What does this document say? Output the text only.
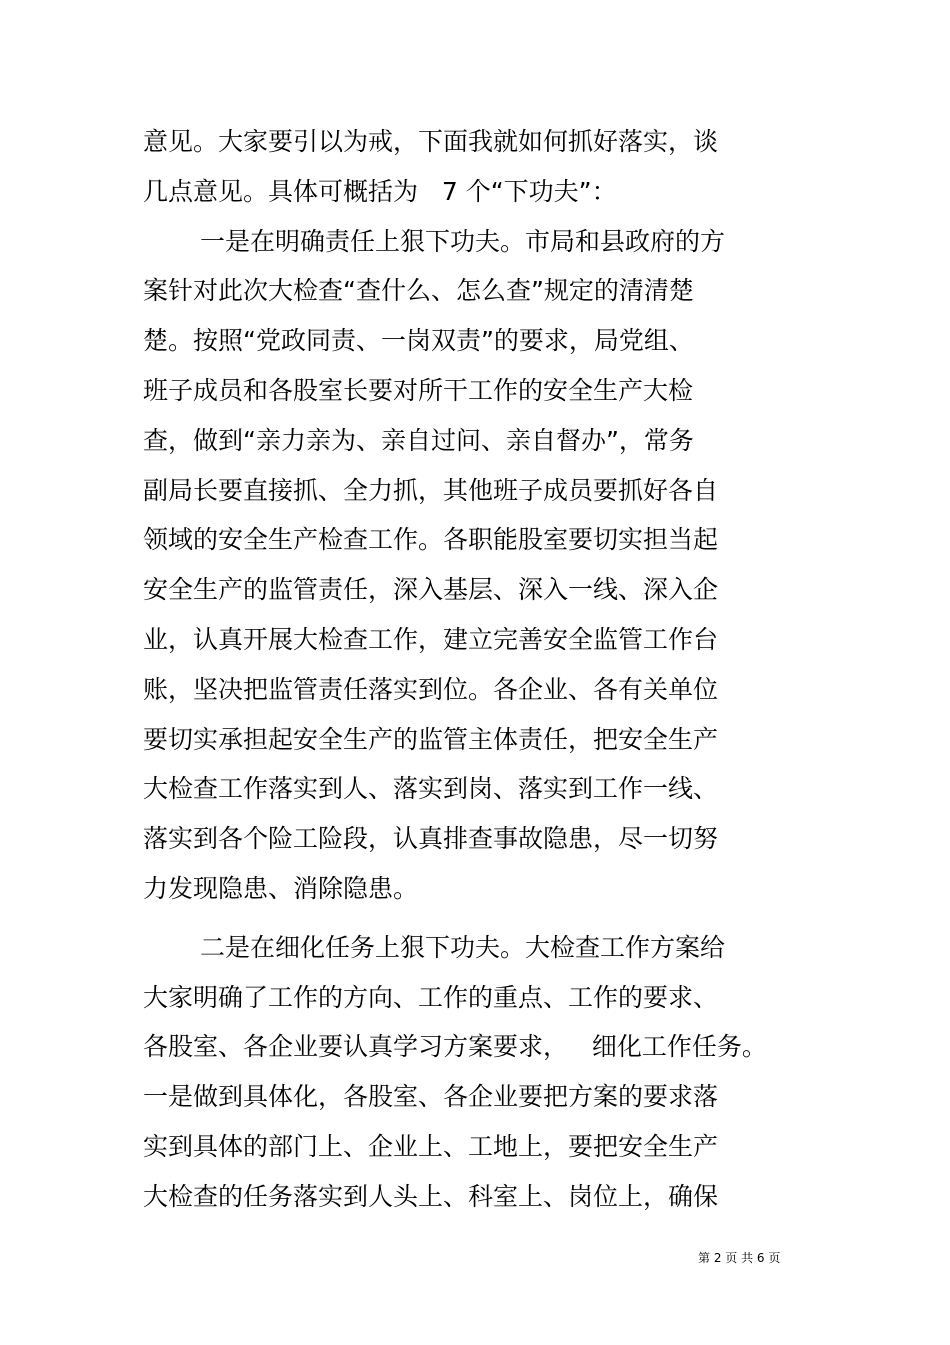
意见。大家要引以为戒，下面我就如何抓好落实，谈
几点意见。具体可概括为   7 个“下功夫”：
一是在明确责任上狠下功夫。市局和县政府的方
案针对此次大检查“查什么、怎么查”规定的清清楚
楚。按照“党政同责、一岗双责”的要求，局党组、
班子成员和各股室长要对所干工作的安全生产大检
查，做到“亲力亲为、亲自过问、亲自督办”，常务
副局长要直接抓、全力抓，其他班子成员要抓好各自
领域的安全生产检查工作。各职能股室要切实担当起
安全生产的监管责任，深入基层、深入一线、深入企
业，认真开展大检查工作，建立完善安全监管工作台
账，坚决把监管责任落实到位。各企业、各有关单位
要切实承担起安全生产的监管主体责任，把安全生产
大检查工作落实到人、落实到岗、落实到工作一线、
落实到各个险工险段，认真排查事故隐患，尽一切努
力发现隐患、消除隐患。
二是在细化任务上狠下功夫。大检查工作方案给
大家明确了工作的方向、工作的重点、工作的要求、
各股室、各企业要认真学习方案要求，   细化工作任务。
一是做到具体化，各股室、各企业要把方案的要求落
实到具体的部门上、企业上、工地上，要把安全生产
大检查的任务落实到人头上、科室上、岗位上，确保
第 2 页 共 6 页
